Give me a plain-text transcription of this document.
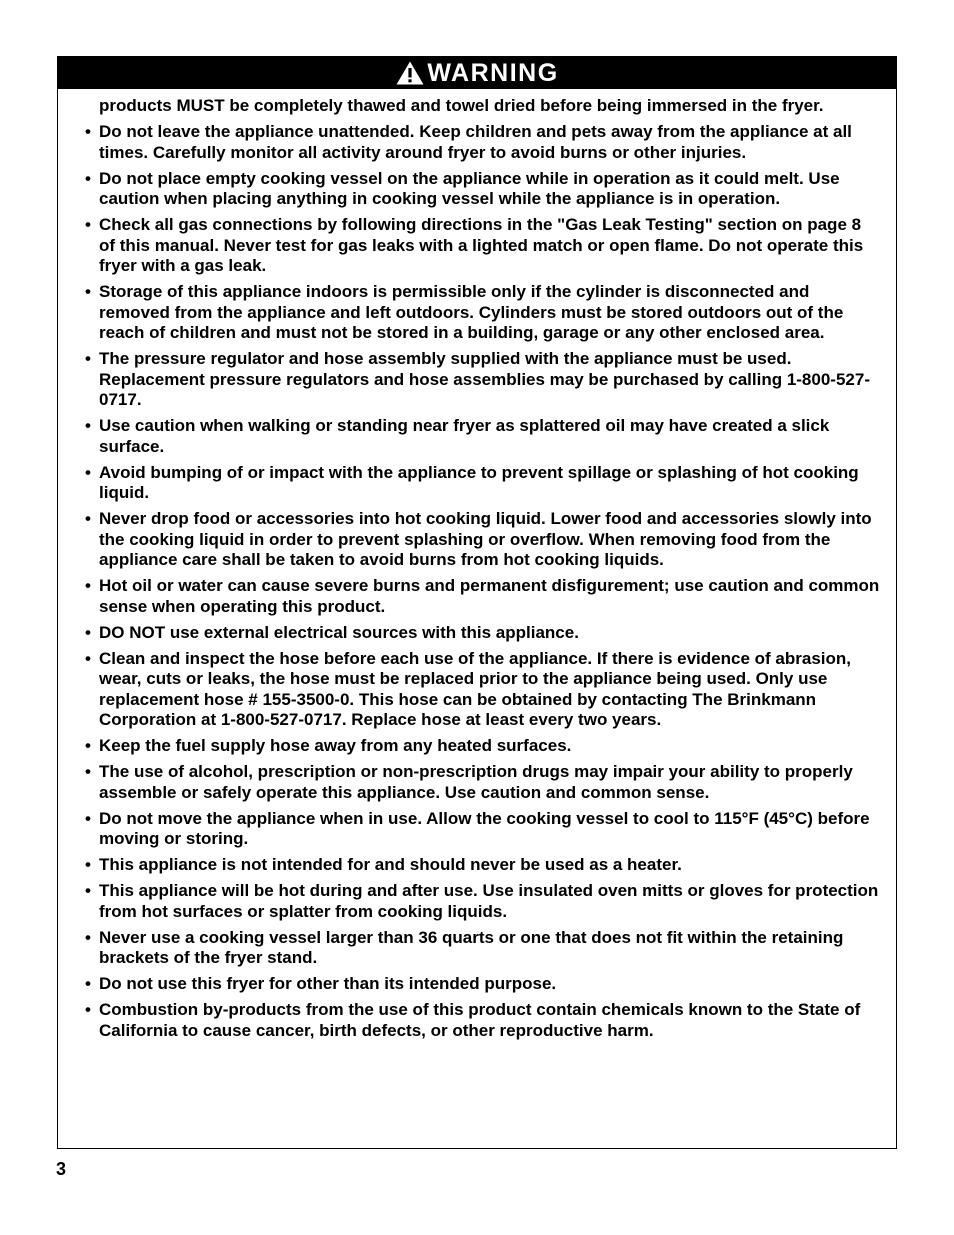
WARNING

products MUST be completely thawed and towel dried before being immersed in the fryer.

• Do not leave the appliance unattended. Keep children and pets away from the appliance at all times. Carefully monitor all activity around fryer to avoid burns or other injuries.
• Do not place empty cooking vessel on the appliance while in operation as it could melt. Use caution when placing anything in cooking vessel while the appliance is in operation.
• Check all gas connections by following directions in the "Gas Leak Testing" section on page 8 of this manual. Never test for gas leaks with a lighted match or open flame. Do not operate this fryer with a gas leak.
• Storage of this appliance indoors is permissible only if the cylinder is disconnected and removed from the appliance and left outdoors. Cylinders must be stored outdoors out of the reach of children and must not be stored in a building, garage or any other enclosed area.
• The pressure regulator and hose assembly supplied with the appliance must be used. Replacement pressure regulators and hose assemblies may be purchased by calling 1-800-527-0717.
• Use caution when walking or standing near fryer as splattered oil may have created a slick surface.
• Avoid bumping of or impact with the appliance to prevent spillage or splashing of hot cooking liquid.
• Never drop food or accessories into hot cooking liquid. Lower food and accessories slowly into the cooking liquid in order to prevent splashing or overflow. When removing food from the appliance care shall be taken to avoid burns from hot cooking liquids.
• Hot oil or water can cause severe burns and permanent disfigurement; use caution and common sense when operating this product.
• DO NOT use external electrical sources with this appliance.
• Clean and inspect the hose before each use of the appliance. If there is evidence of abrasion, wear, cuts or leaks, the hose must be replaced prior to the appliance being used. Only use replacement hose # 155-3500-0. This hose can be obtained by contacting The Brinkmann Corporation at 1-800-527-0717. Replace hose at least every two years.
• Keep the fuel supply hose away from any heated surfaces.
• The use of alcohol, prescription or non-prescription drugs may impair your ability to properly assemble or safely operate this appliance. Use caution and common sense.
• Do not move the appliance when in use. Allow the cooking vessel to cool to 115°F (45°C) before moving or storing.
• This appliance is not intended for and should never be used as a heater.
• This appliance will be hot during and after use. Use insulated oven mitts or gloves for protection from hot surfaces or splatter from cooking liquids.
• Never use a cooking vessel larger than 36 quarts or one that does not fit within the retaining brackets of the fryer stand.
• Do not use this fryer for other than its intended purpose.
• Combustion by-products from the use of this product contain chemicals known to the State of California to cause cancer, birth defects, or other reproductive harm.
3
